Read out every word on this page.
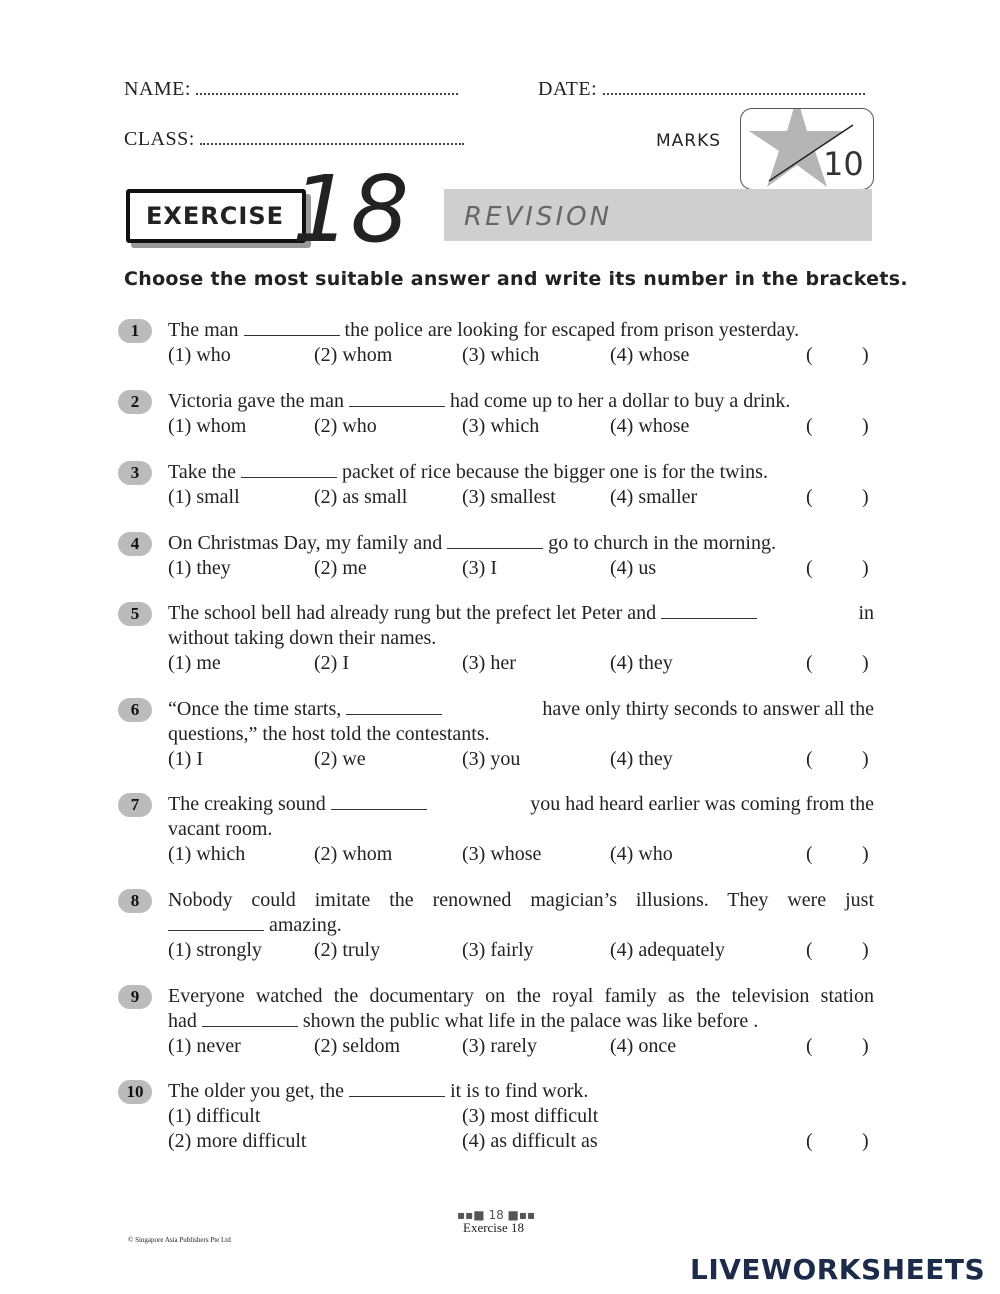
NAME:	DATE:
CLASS:	MARKS
10
EXERCISE 18 REVISION
Choose the most suitable answer and write its number in the brackets.
1	The man	the police are looking for escaped from prison yesterday.
(1) who	(2) whom	(3) which	(4) whose	( )
2	Victoria gave the man	had come up to her a dollar to buy a drink.
(1) whom	(2) who	(3) which	(4) whose	( )
3	Take the	packet of rice because the bigger one is for the twins.
(1) small	(2) as small	(3) smallest	(4) smaller	( )
4	On Christmas Day, my family and	go to church in the morning.
(1) they	(2) me	(3) I	(4) us	( )
5	The school bell had already rung but the prefect let Peter and	in
without taking down their names.
(1) me	(2) I	(3) her	(4) they	( )
6	“Once the time starts,	have only thirty seconds to answer all the
questions,” the host told the contestants.
(1) I	(2) we	(3) you	(4) they	( )
7	The creaking sound	you had heard earlier was coming from the
vacant room.
(1) which	(2) whom	(3) whose	(4) who	( )
8	Nobody could imitate the renowned magician’s illusions. They were just
amazing.
(1) strongly	(2) truly	(3) fairly	(4) adequately	( )
9	Everyone watched the documentary on the royal family as the television station
had	shown the public what life in the palace was like before .
(1) never	(2) seldom	(3) rarely	(4) once	( )
10	The older you get, the	it is to find work.
(1) difficult	(3) most difficult
(2) more difficult	(4) as difficult as	( )
▪▪■ 18 ■▪▪
Exercise 18
© Singapore Asia Publishers Pte Ltd
LIVEWORKSHEETS
